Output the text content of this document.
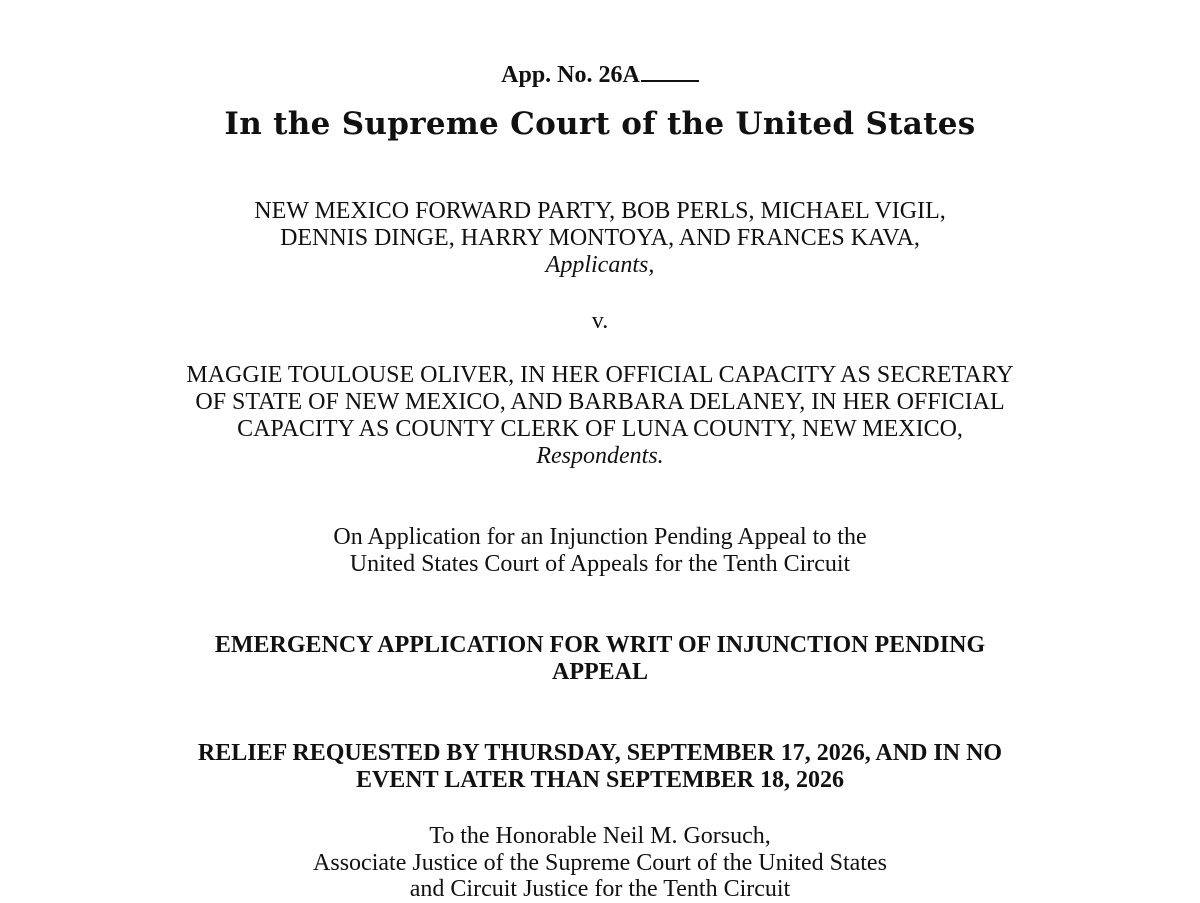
App. No. 26A
In the Supreme Court of the United States
NEW MEXICO FORWARD PARTY, BOB PERLS, MICHAEL VIGIL,
DENNIS DINGE, HARRY MONTOYA, AND FRANCES KAVA,
Applicants,
v.
MAGGIE TOULOUSE OLIVER, IN HER OFFICIAL CAPACITY AS SECRETARY
OF STATE OF NEW MEXICO, AND BARBARA DELANEY, IN HER OFFICIAL
CAPACITY AS COUNTY CLERK OF LUNA COUNTY, NEW MEXICO,
Respondents.
On Application for an Injunction Pending Appeal to the
United States Court of Appeals for the Tenth Circuit
EMERGENCY APPLICATION FOR WRIT OF INJUNCTION PENDING
APPEAL
RELIEF REQUESTED BY THURSDAY, SEPTEMBER 17, 2026, AND IN NO
EVENT LATER THAN SEPTEMBER 18, 2026
To the Honorable Neil M. Gorsuch,
Associate Justice of the Supreme Court of the United States
and Circuit Justice for the Tenth Circuit
